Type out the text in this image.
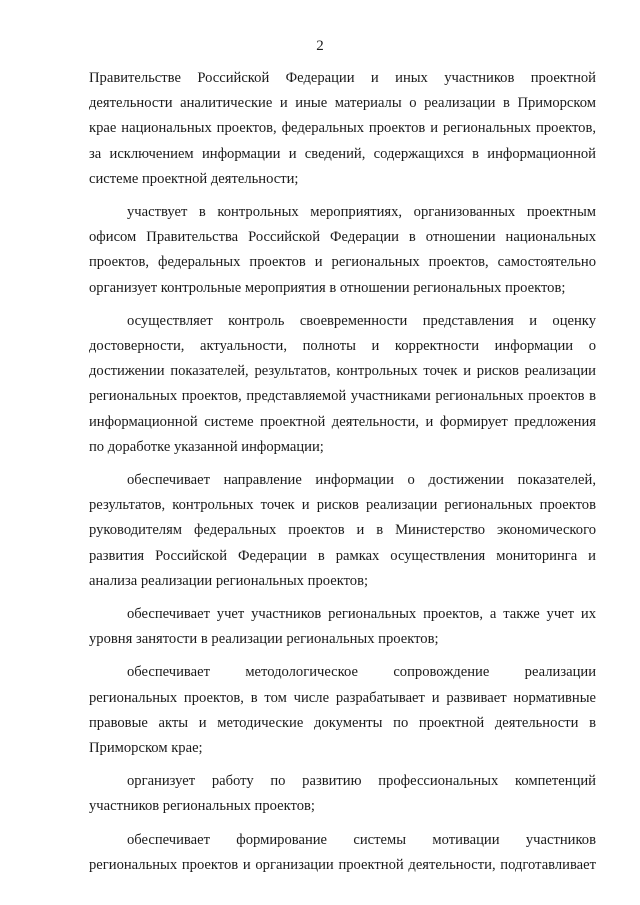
2

Правительстве Российской Федерации и иных участников проектной
деятельности аналитические и иные материалы о реализации в Приморском
крае национальных проектов, федеральных проектов и региональных проектов,
за исключением информации и сведений, содержащихся в информационной
системе проектной деятельности;

участвует в контрольных мероприятиях, организованных проектным
офисом Правительства Российской Федерации в отношении национальных
проектов, федеральных проектов и региональных проектов, самостоятельно
организует контрольные мероприятия в отношении региональных проектов;

осуществляет контроль своевременности представления и оценку
достоверности, актуальности, полноты и корректности информации о
достижении показателей, результатов, контрольных точек и рисков реализации
региональных проектов, представляемой участниками региональных проектов в
информационной системе проектной деятельности, и формирует предложения
по доработке указанной информации;

обеспечивает направление информации о достижении показателей,
результатов, контрольных точек и рисков реализации региональных проектов
руководителям федеральных проектов и в Министерство экономического
развития Российской Федерации в рамках осуществления мониторинга и
анализа реализации региональных проектов;

обеспечивает учет участников региональных проектов, а также учет их
уровня занятости в реализации региональных проектов;

обеспечивает методологическое сопровождение реализации
региональных проектов, в том числе разрабатывает и развивает нормативные
правовые акты и методические документы по проектной деятельности в
Приморском крае;

организует работу по развитию профессиональных компетенций
участников региональных проектов;

обеспечивает формирование системы мотивации участников
региональных проектов и организации проектной деятельности, подготавливает
